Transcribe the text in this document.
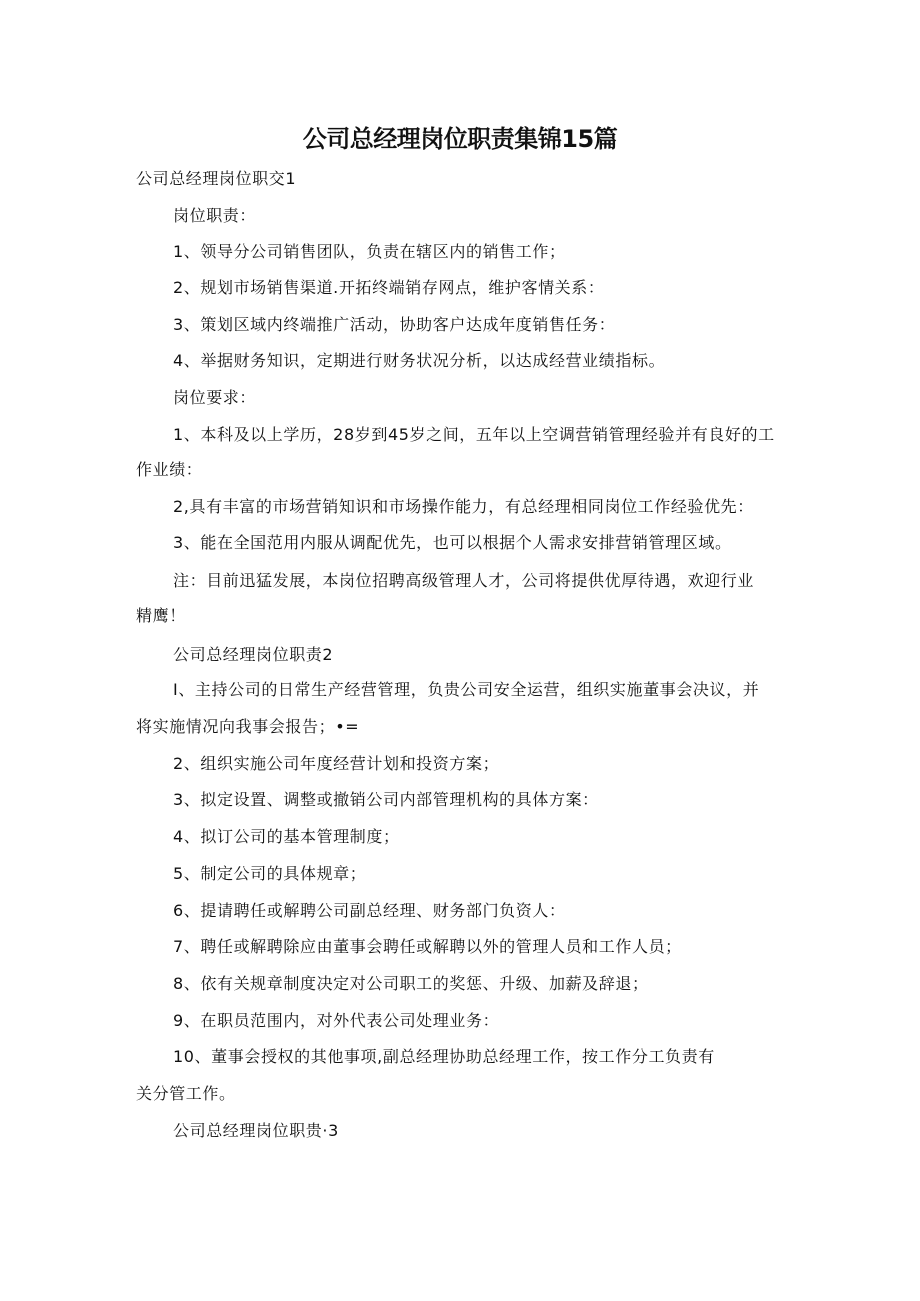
公司总经理岗位职责集锦15篇
公司总经理岗位职交1
岗位职责：
1、领导分公司销售团队，负责在辖区内的销售工作；
2、规划市场销售渠道.开拓终端销存网点，维护客情关系：
3、策划区域内终端推广活动，协助客户达成年度销售任务：
4、举据财务知识，定期进行财务状况分析，以达成经营业绩指标。
岗位要求：
1、本科及以上学历，28岁到45岁之间，五年以上空调营销管理经验并有良好的工
作业绩：
2,具有丰富的市场营销知识和市场操作能力，有总经理相同岗位工作经验优先：
3、能在全国范用内服从调配优先，也可以根据个人需求安排营销管理区域。
注：目前迅猛发展，本岗位招聘高级管理人才，公司将提供优厚待遇，欢迎行业
精鹰！
公司总经理岗位职责2
I、主持公司的日常生产经营管理，负贵公司安全运营，组织实施董事会决议，并
将实施情况向我事会报告；•=
2、组织实施公司年度经营计划和投资方案；
3、拟定设置、调整或撤销公司内部管理机构的具体方案：
4、拟订公司的基本管理制度；
5、制定公司的具体规章；
6、提请聘任或解聘公司副总经理、财务部门负资人：
7、聘任或解聘除应由董事会聘任或解聘以外的管理人员和工作人员；
8、依有关规章制度决定对公司职工的奖惩、升级、加薪及辞退；
9、在职员范围内，对外代表公司处理业务：
10、董事会授权的其他事项,副总经理协助总经理工作，按工作分工负责有
关分管工作。
公司总经理岗位职贵·3
